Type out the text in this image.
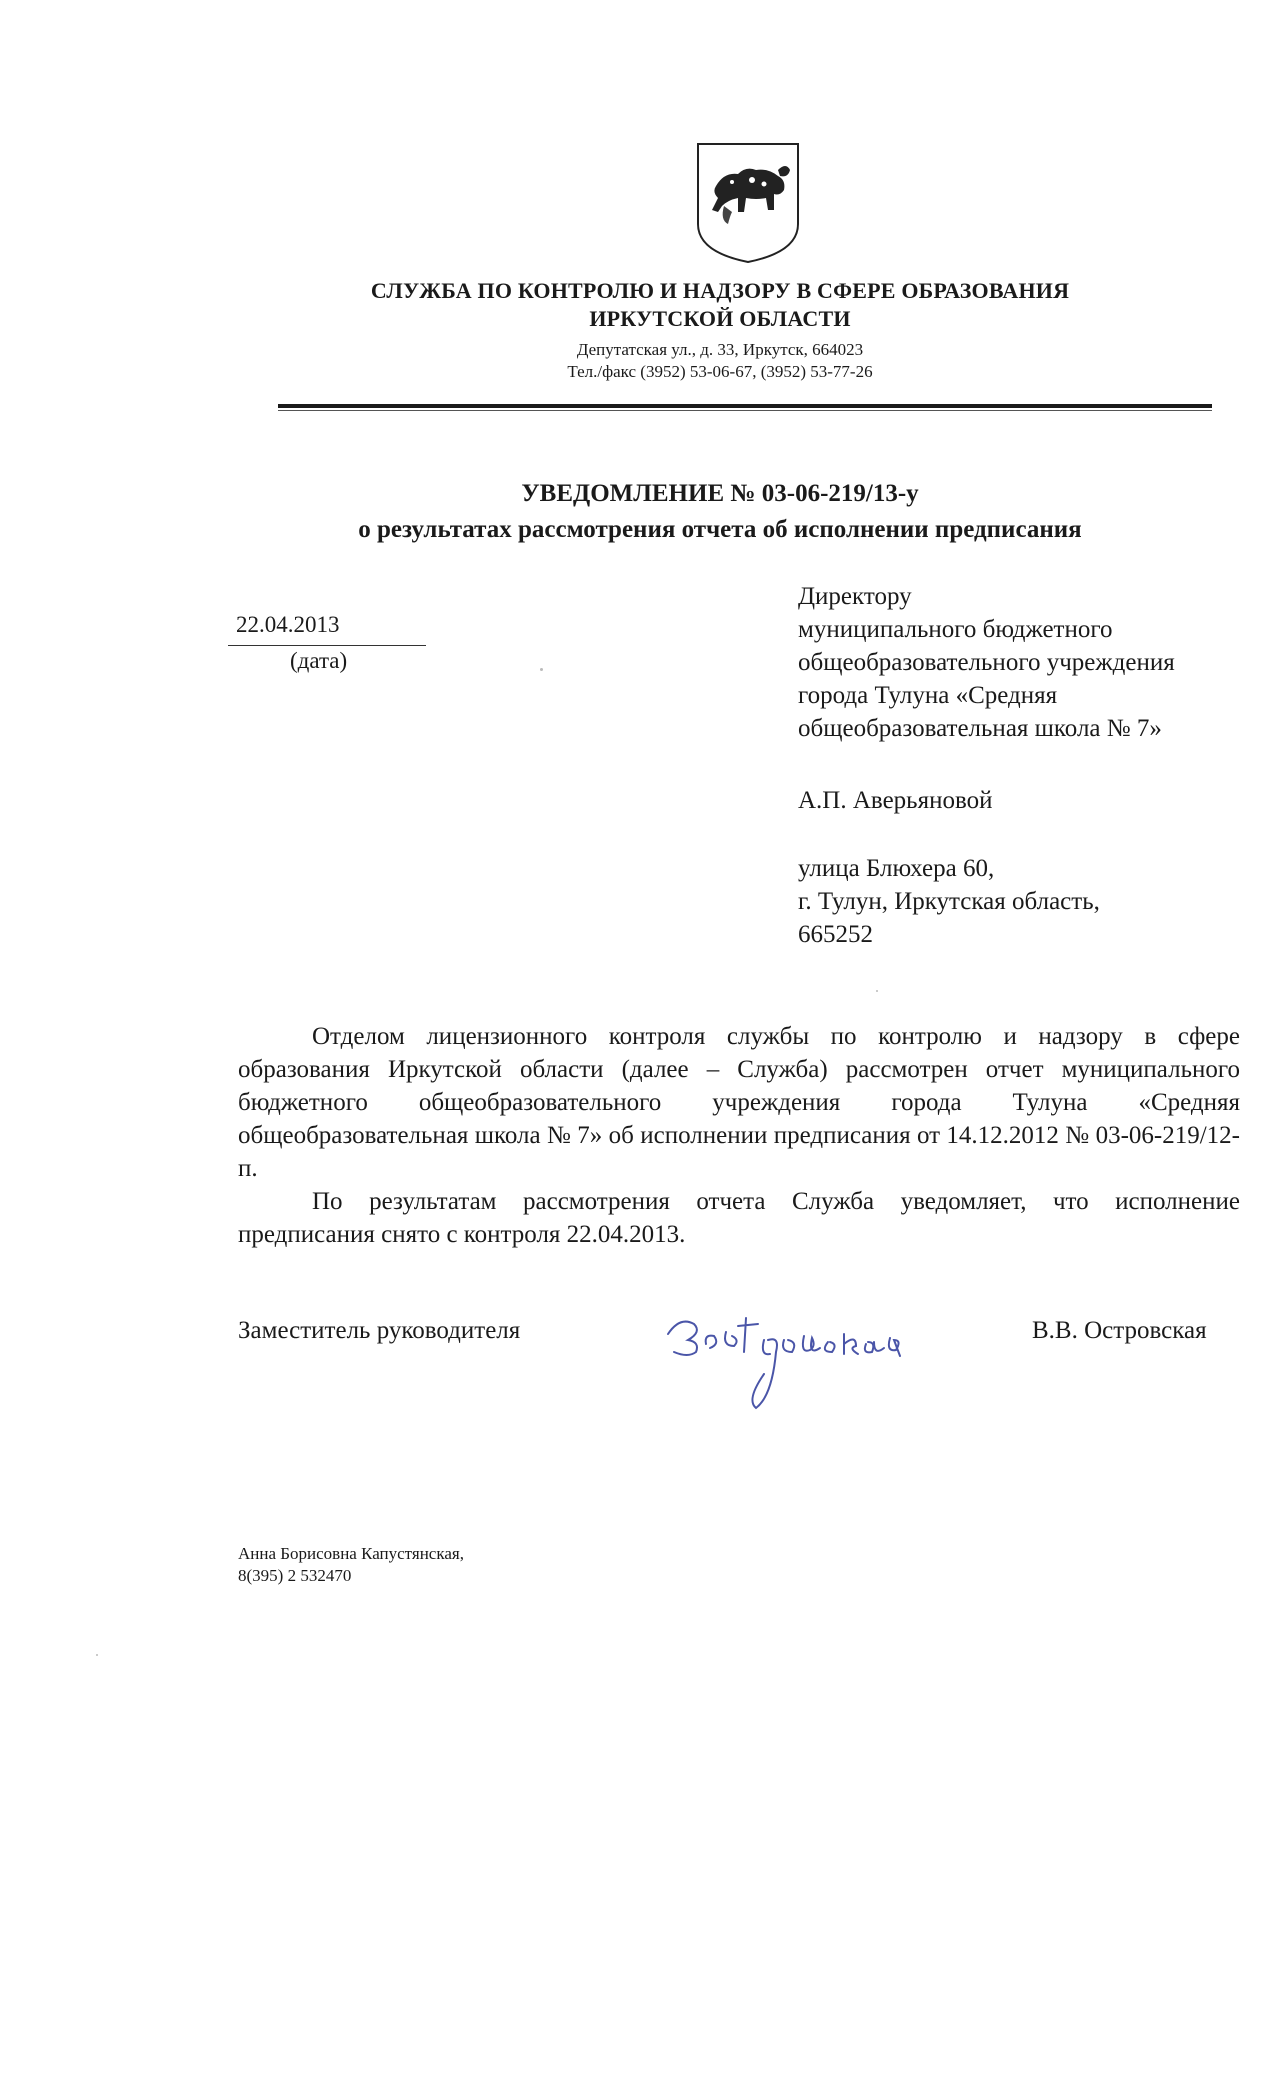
СЛУЖБА ПО КОНТРОЛЮ И НАДЗОРУ В СФЕРЕ ОБРАЗОВАНИЯ
ИРКУТСКОЙ ОБЛАСТИ
Депутатская ул., д. 33, Иркутск, 664023
Тел./факс (3952) 53-06-67, (3952) 53-77-26
УВЕДОМЛЕНИЕ № 03-06-219/13-у
о результатах рассмотрения отчета об исполнении предписания
22.04.2013
(дата)
Директору
муниципального бюджетного
общеобразовательного учреждения
города Тулуна «Средняя
общеобразовательная школа № 7»
А.П. Аверьяновой
улица Блюхера 60,
г. Тулун, Иркутская область,
665252

Отделом лицензионного контроля службы по контролю и надзору в сфере образования Иркутской области (далее – Служба) рассмотрен отчет муниципального бюджетного общеобразовательного учреждения города Тулуна «Средняя общеобразовательная школа № 7» об исполнении предписания от 14.12.2012 № 03-06-219/12-п.

По результатам рассмотрения отчета Служба уведомляет, что исполнение предписания снято с контроля 22.04.2013.

Заместитель руководителя	В.В. Островская
Анна Борисовна Капустянская,
8(395) 2 532470
